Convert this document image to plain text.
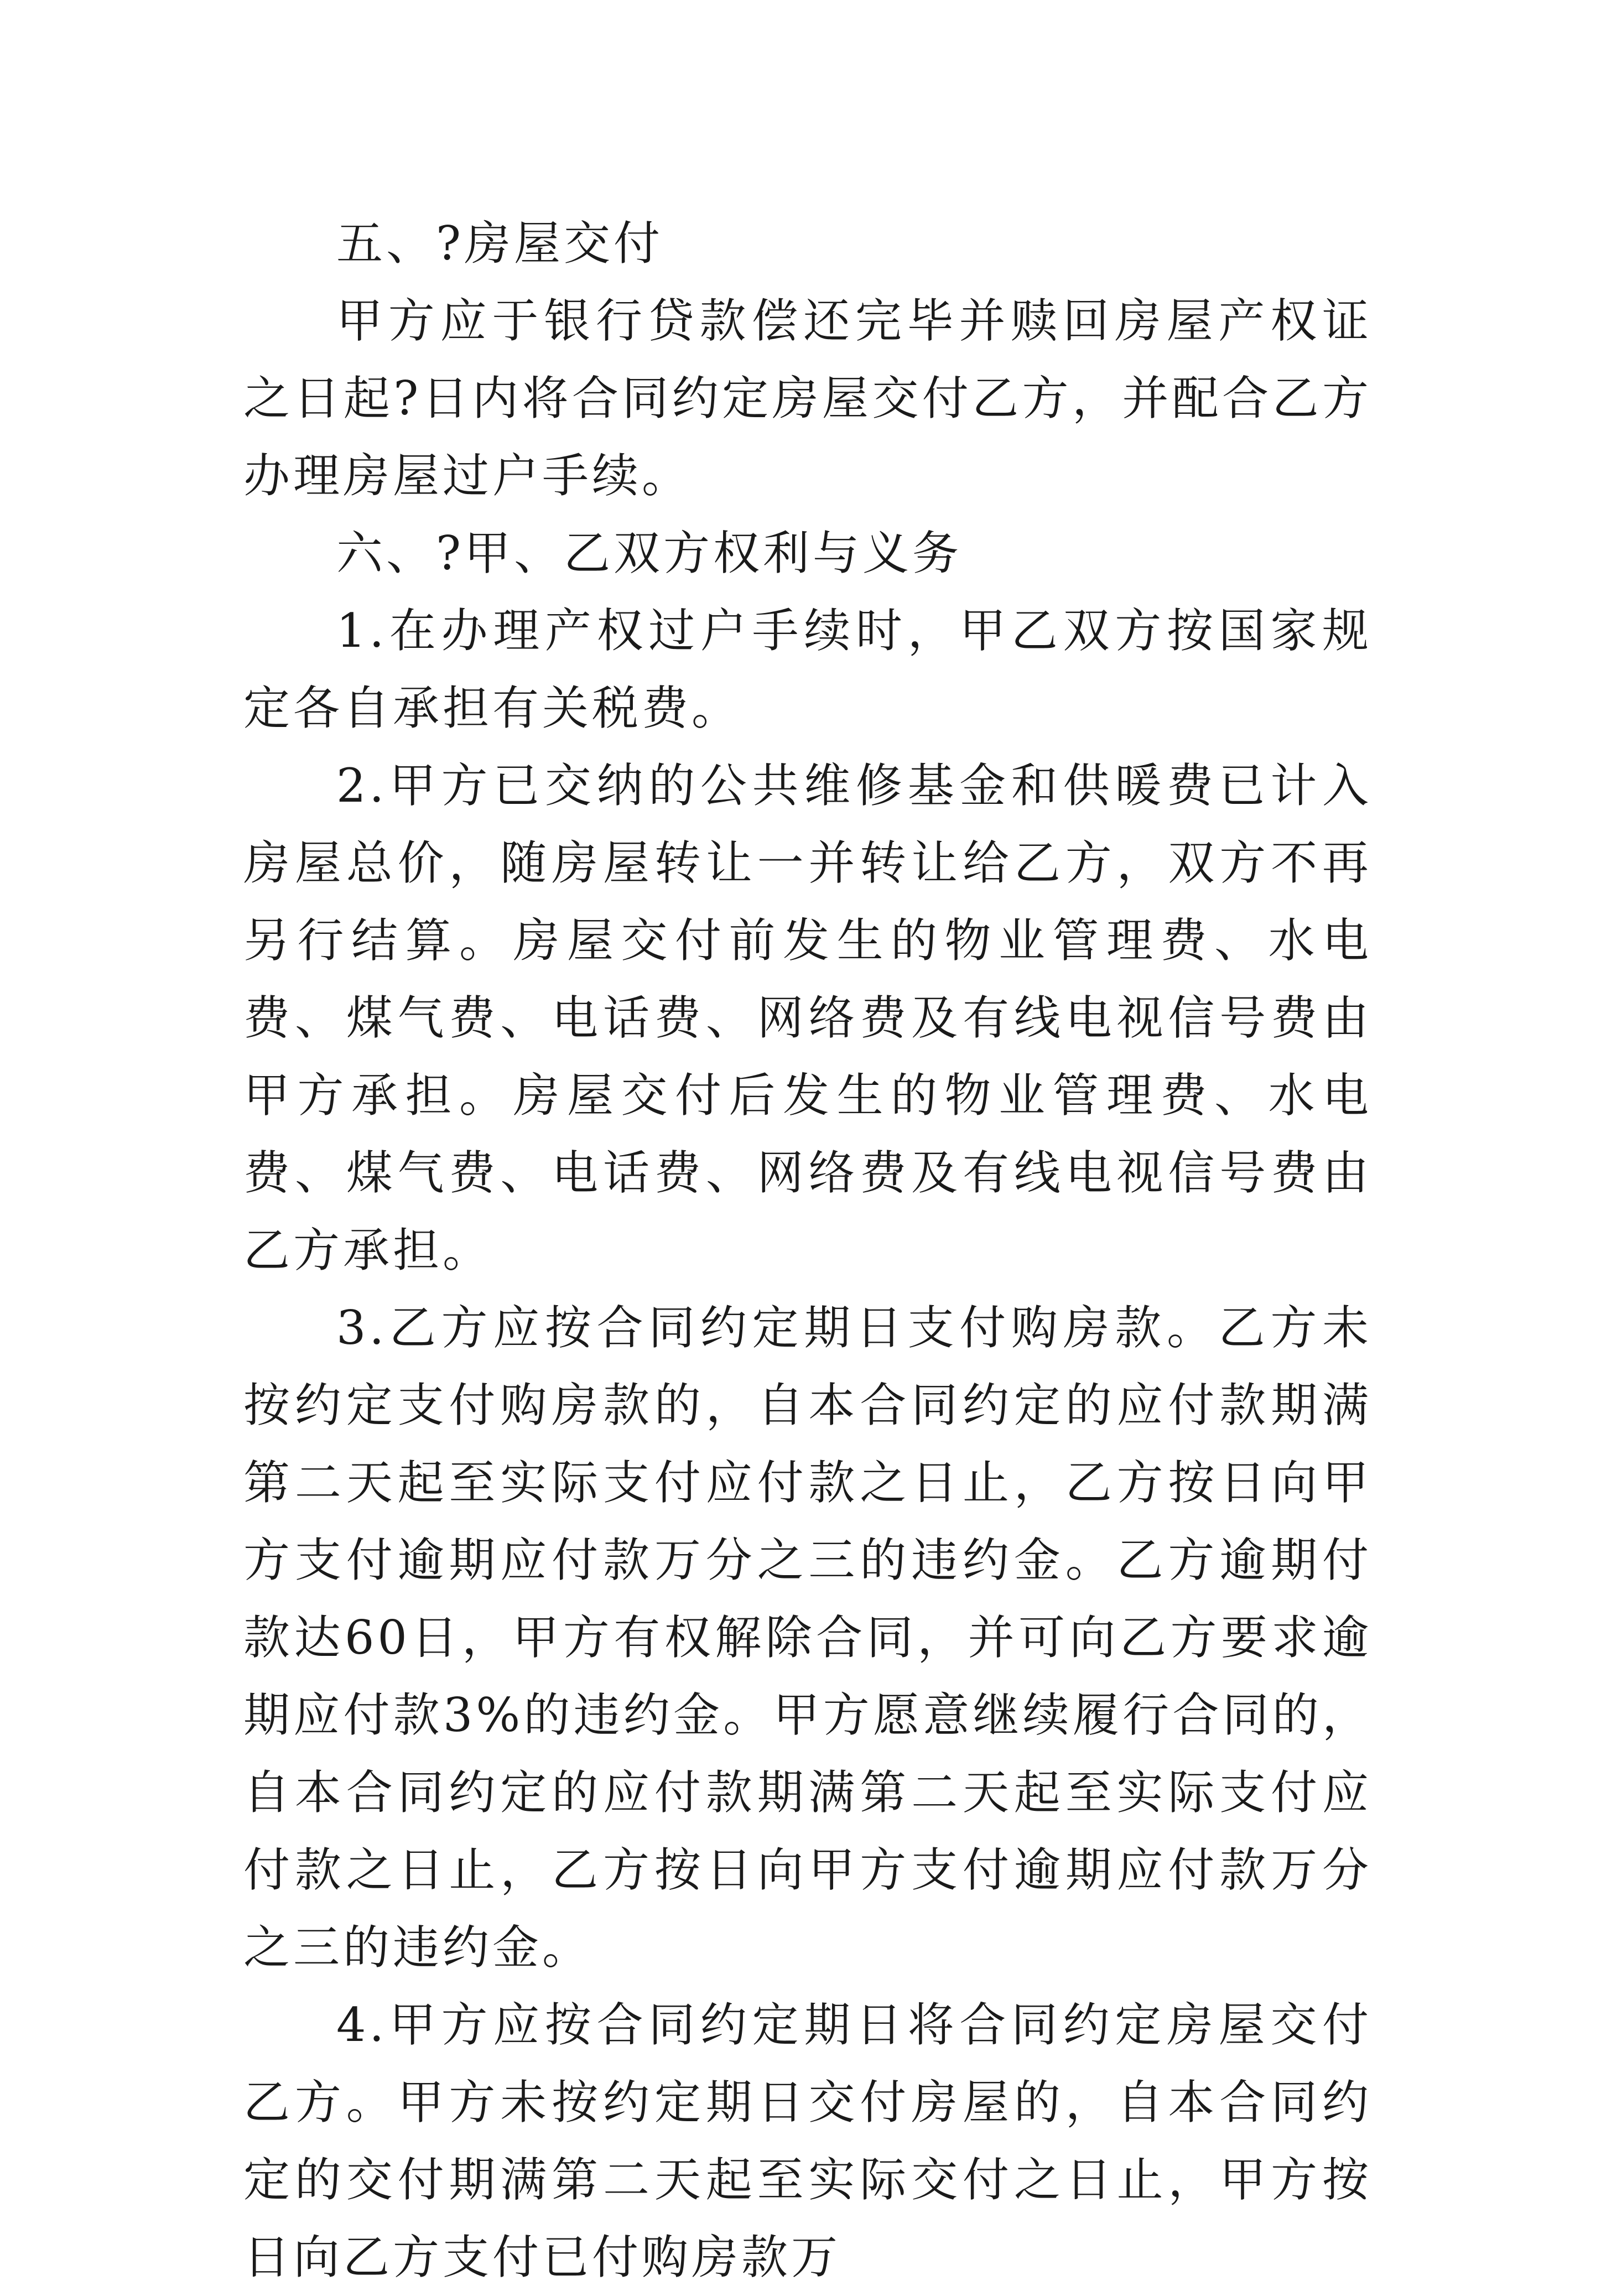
五、?房屋交付

甲方应于银行贷款偿还完毕并赎回房屋产权证之日起?日内将合同约定房屋交付乙方，并配合乙方办理房屋过户手续。

六、?甲、乙双方权利与义务

1.在办理产权过户手续时，甲乙双方按国家规定各自承担有关税费。

2.甲方已交纳的公共维修基金和供暖费已计入房屋总价，随房屋转让一并转让给乙方，双方不再另行结算。房屋交付前发生的物业管理费、水电费、煤气费、电话费、网络费及有线电视信号费由甲方承担。房屋交付后发生的物业管理费、水电费、煤气费、电话费、网络费及有线电视信号费由乙方承担。

3.乙方应按合同约定期日支付购房款。乙方未按约定支付购房款的，自本合同约定的应付款期满第二天起至实际支付应付款之日止，乙方按日向甲方支付逾期应付款万分之三的违约金。乙方逾期付款达60日，甲方有权解除合同，并可向乙方要求逾期应付款3%的违约金。甲方愿意继续履行合同的，自本合同约定的应付款期满第二天起至实际支付应付款之日止，乙方按日向甲方支付逾期应付款万分之三的违约金。

4.甲方应按合同约定期日将合同约定房屋交付乙方。甲方未按约定期日交付房屋的，自本合同约定的交付期满第二天起至实际交付之日止，甲方按日向乙方支付已付购房款万
